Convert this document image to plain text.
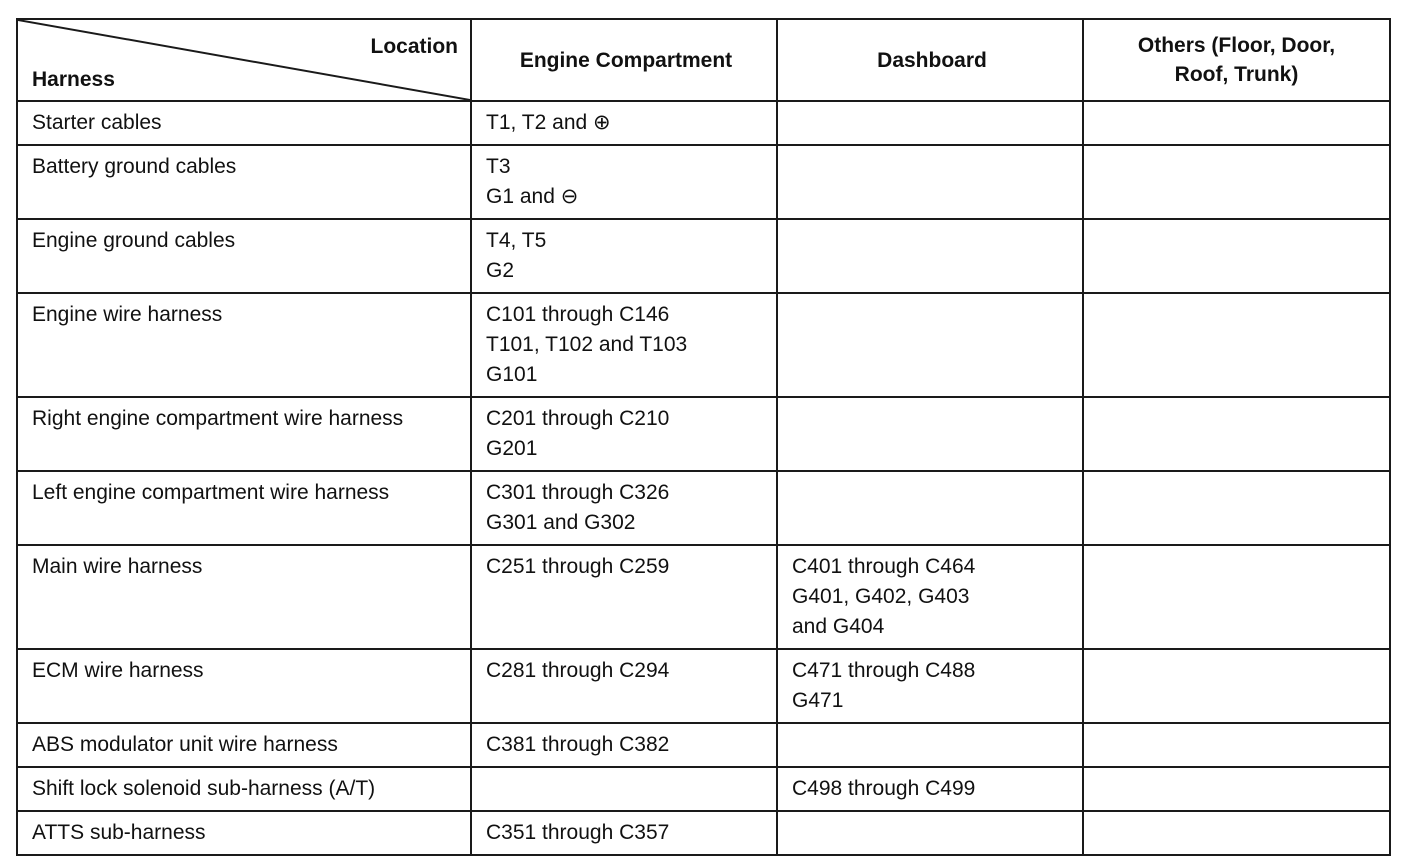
Location
Harness	Engine Compartment	Dashboard	Others (Floor, Door, Roof, Trunk)
Starter cables	T1, T2 and ⊕		

Battery ground cables	T3
G1 and ⊖		

Engine ground cables	T4, T5
G2		

Engine wire harness	C101 through C146
T101, T102 and T103
G101		

Right engine compartment wire harness	C201 through C210
G201		

Left engine compartment wire harness	C301 through C326
G301 and G302		

Main wire harness	C251 through C259	C401 through C464
G401, G402, G403
and G404	

ECM wire harness	C281 through C294	C471 through C488
G471	

ABS modulator unit wire harness	C381 through C382		

Shift lock solenoid sub-harness (A/T)		C498 through C499	

ATTS sub-harness	C351 through C357		
